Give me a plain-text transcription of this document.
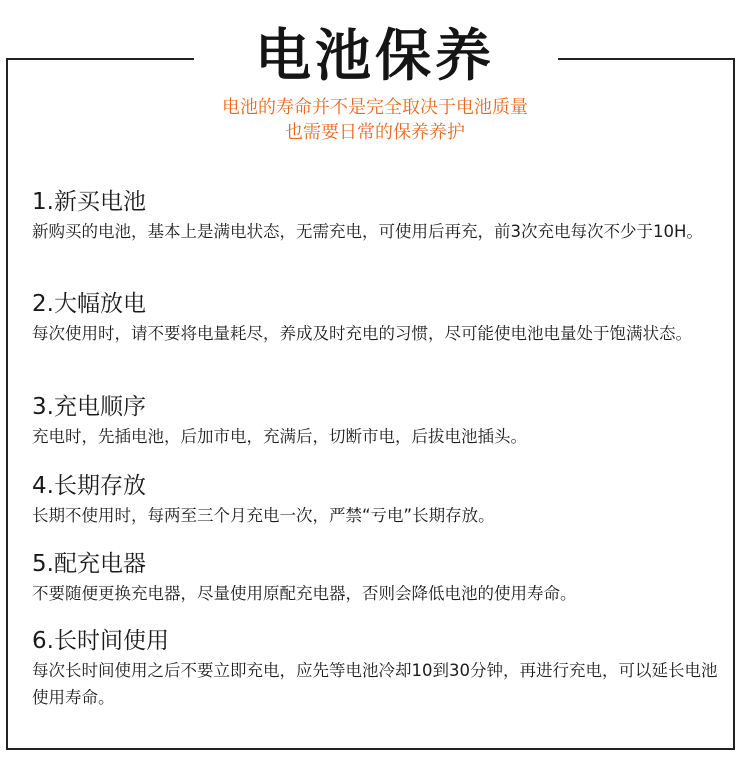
电池保养
电池的寿命并不是完全取决于电池质量
也需要日常的保养养护

1.新买电池

新购买的电池，基本上是满电状态，无需充电，可使用后再充，前3次充电每次不少于10H。

2.大幅放电

每次使用时，请不要将电量耗尽，养成及时充电的习惯，尽可能使电池电量处于饱满状态。

3.充电顺序

充电时，先插电池，后加市电，充满后，切断市电，后拔电池插头。

4.长期存放

长期不使用时，每两至三个月充电一次，严禁“亏电”长期存放。

5.配充电器

不要随便更换充电器，尽量使用原配充电器，否则会降低电池的使用寿命。

6.长时间使用

每次长时间使用之后不要立即充电，应先等电池冷却10到30分钟，再进行充电，可以延长电池使用寿命。
